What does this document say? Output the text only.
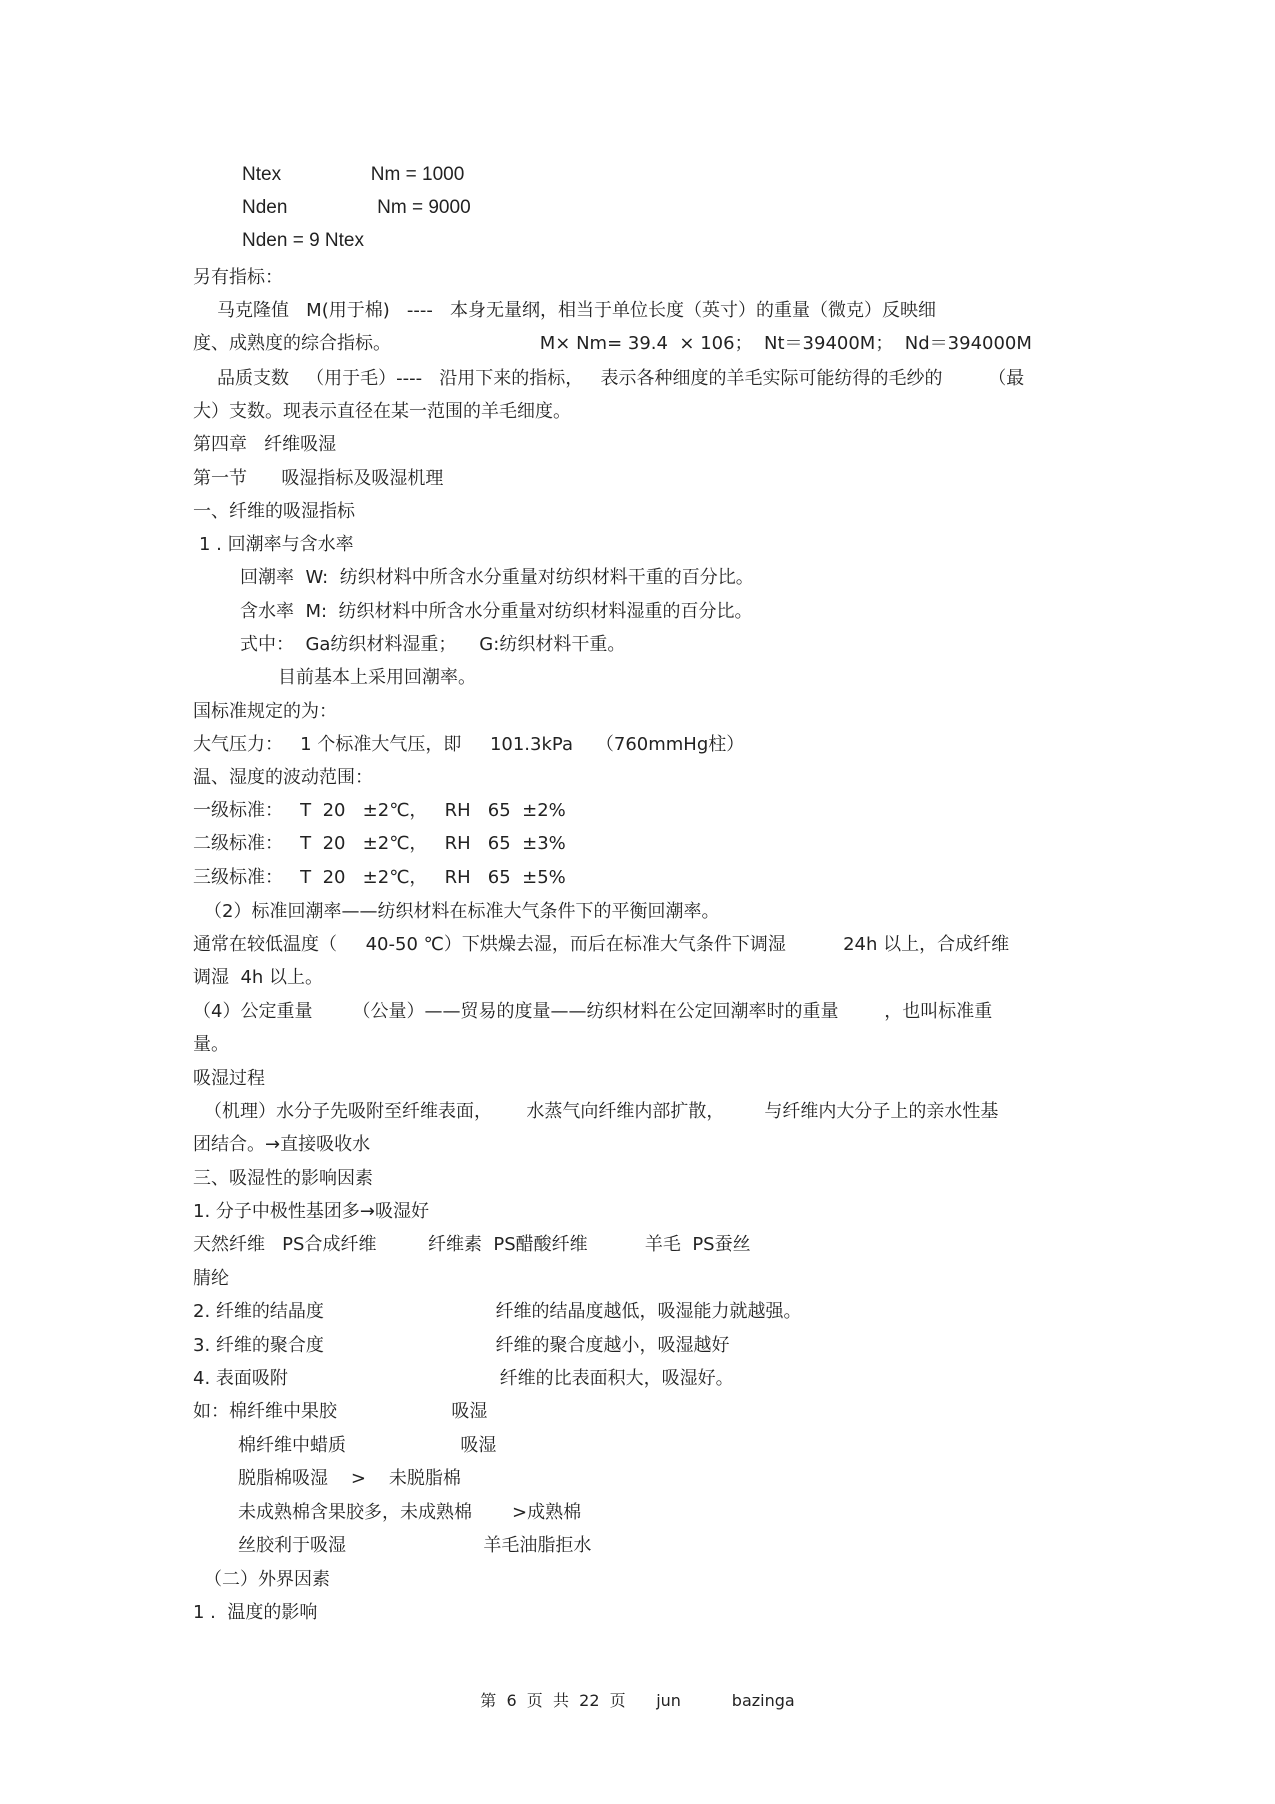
Ntex                 Nm = 1000
Nden                 Nm = 9000
Nden = 9 Ntex
另有指标：
马克隆值   M(用于棉)   ----   本身无量纲，相当于单位长度（英寸）的重量（微克）反映细
度、成熟度的综合指标。                          M× Nm= 39.4  × 106；  Nt＝39400M；  Nd＝394000M
品质支数   （用于毛）----   沿用下来的指标，   表示各种细度的羊毛实际可能纺得的毛纱的        （最
大）支数。现表示直径在某一范围的羊毛细度。
第四章   纤维吸湿
第一节      吸湿指标及吸湿机理
一、纤维的吸湿指标
1 . 回潮率与含水率
回潮率  W:  纺织材料中所含水分重量对纺织材料干重的百分比。
含水率  M:  纺织材料中所含水分重量对纺织材料湿重的百分比。
式中：  Ga纺织材料湿重；    G:纺织材料干重。
目前基本上采用回潮率。
国标准规定的为：
大气压力：   1 个标准大气压，即     101.3kPa    （760mmHg柱）
温、湿度的波动范围：
一级标准：   T  20   ±2℃，   RH   65  ±2%
二级标准：   T  20   ±2℃，   RH   65  ±3%
三级标准：   T  20   ±2℃，   RH   65  ±5%
（2）标准回潮率——纺织材料在标准大气条件下的平衡回潮率。
通常在较低温度（     40-50 ℃）下烘燥去湿，而后在标准大气条件下调湿          24h 以上，合成纤维
调湿  4h 以上。
（4）公定重量       （公量）——贸易的度量——纺织材料在公定回潮率时的重量        ，也叫标准重
量。
吸湿过程
（机理）水分子先吸附至纤维表面，      水蒸气向纤维内部扩散，       与纤维内大分子上的亲水性基
团结合。→直接吸收水
三、吸湿性的影响因素
1. 分子中极性基团多→吸湿好
天然纤维   PS合成纤维         纤维素  PS醋酸纤维          羊毛  PS蚕丝
腈纶
2. 纤维的结晶度                              纤维的结晶度越低，吸湿能力就越强。
3. 纤维的聚合度                              纤维的聚合度越小，吸湿越好
4. 表面吸附                                     纤维的比表面积大，吸湿好。
如：棉纤维中果胶                    吸湿
棉纤维中蜡质                    吸湿
脱脂棉吸湿    >    未脱脂棉
未成熟棉含果胶多，未成熟棉       >成熟棉
丝胶利于吸湿                        羊毛油脂拒水
（二）外界因素
1 .  温度的影响
第  6  页  共  22  页      jun          bazinga
